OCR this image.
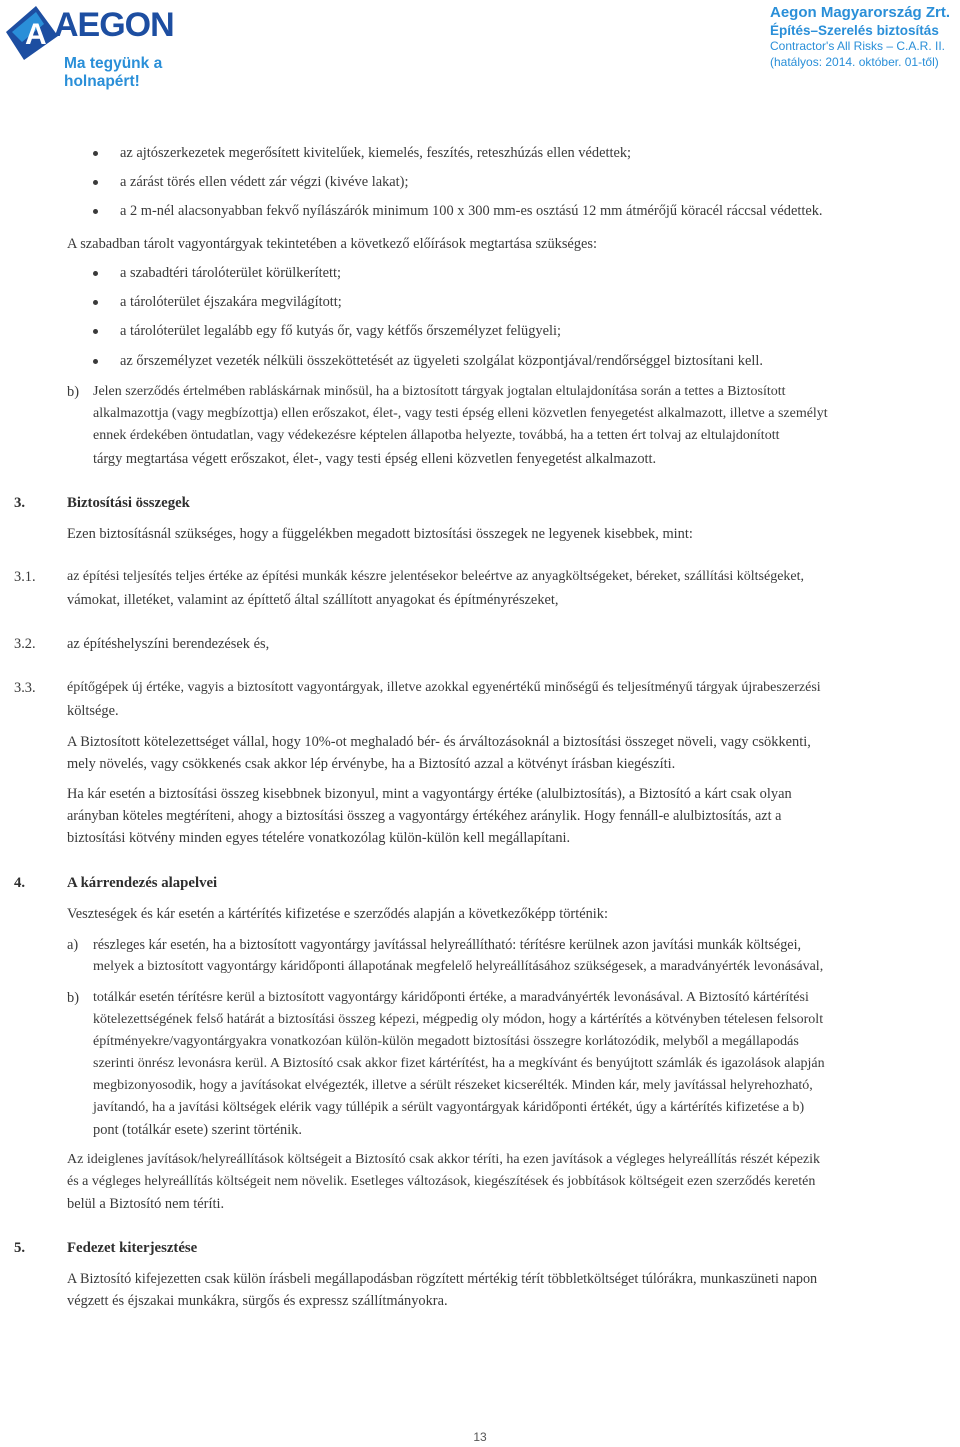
A AEGON
Ma tegyünk a holnapért!
Aegon Magyarország Zrt.
Építés–Szerelés biztosítás
Contractor's All Risks – C.A.R. II.
(hatályos: 2014. október. 01-től)
az ajtószerkezetek megerősített kivitelűek, kiemelés, feszítés, reteszhúzás ellen védettek;
a zárást törés ellen védett zár végzi (kivéve lakat);
a 2 m-nél alacsonyabban fekvő nyílászárók minimum 100 x 300 mm-es osztású 12 mm átmérőjű köracél ráccsal védettek.
A szabadban tárolt vagyontárgyak tekintetében a következő előírások megtartása szükséges:
a szabadtéri tárolóterület körülkerített;
a tárolóterület éjszakára megvilágított;
a tárolóterület legalább egy fő kutyás őr, vagy kétfős őrszemélyzet felügyeli;
az őrszemélyzet vezeték nélküli összeköttetését az ügyeleti szolgálat központjával/rendőrséggel biztosítani kell.
b) Jelen szerződés értelmében rabláskárnak minősül, ha a biztosított tárgyak jogtalan eltulajdonítása során a tettes a Biztosított
alkalmazottja (vagy megbízottja) ellen erőszakot, élet-, vagy testi épség elleni közvetlen fenyegetést alkalmazott, illetve a személyt
ennek érdekében öntudatlan, vagy védekezésre képtelen állapotba helyezte, továbbá, ha a tetten ért tolvaj az eltulajdonított
tárgy megtartása végett erőszakot, élet-, vagy testi épség elleni közvetlen fenyegetést alkalmazott.
3.	Biztosítási összegek
Ezen biztosításnál szükséges, hogy a függelékben megadott biztosítási összegek ne legyenek kisebbek, mint:
3.1. az építési teljesítés teljes értéke az építési munkák készre jelentésekor beleértve az anyagköltségeket, béreket, szállítási költségeket,
vámokat, illetéket, valamint az építtető által szállított anyagokat és építményrészeket,
3.2. az építéshelyszíni berendezések és,
3.3. építőgépek új értéke, vagyis a biztosított vagyontárgyak, illetve azokkal egyenértékű minőségű és teljesítményű tárgyak újrabeszerzési
költsége.
A Biztosított kötelezettséget vállal, hogy 10%-ot meghaladó bér- és árváltozásoknál a biztosítási összeget növeli, vagy csökkenti,
mely növelés, vagy csökkenés csak akkor lép érvénybe, ha a Biztosító azzal a kötvényt írásban kiegészíti.
Ha kár esetén a biztosítási összeg kisebbnek bizonyul, mint a vagyontárgy értéke (alulbiztosítás), a Biztosító a kárt csak olyan
arányban köteles megtéríteni, ahogy a biztosítási összeg a vagyontárgy értékéhez aránylik. Hogy fennáll-e alulbiztosítás, azt a
biztosítási kötvény minden egyes tételére vonatkozólag külön-külön kell megállapítani.
4.	A kárrendezés alapelvei
Veszteségek és kár esetén a kártérítés kifizetése e szerződés alapján a következőképp történik:
a) részleges kár esetén, ha a biztosított vagyontárgy javítással helyreállítható: térítésre kerülnek azon javítási munkák költségei,
melyek a biztosított vagyontárgy káridőponti állapotának megfelelő helyreállításához szükségesek, a maradványérték levonásával,
b) totálkár esetén térítésre kerül a biztosított vagyontárgy káridőponti értéke, a maradványérték levonásával. A Biztosító kártérítési
kötelezettségének felső határát a biztosítási összeg képezi, mégpedig oly módon, hogy a kártérítés a kötvényben tételesen felsorolt
építményekre/vagyontárgyakra vonatkozóan külön-külön megadott biztosítási összegre korlátozódik, melyből a megállapodás
szerinti önrész levonásra kerül. A Biztosító csak akkor fizet kártérítést, ha a megkívánt és benyújtott számlák és igazolások alapján
megbizonyosodik, hogy a javításokat elvégezték, illetve a sérült részeket kicserélték. Minden kár, mely javítással helyrehozható,
javítandó, ha a javítási költségek elérik vagy túllépik a sérült vagyontárgyak káridőponti értékét, úgy a kártérítés kifizetése a b)
pont (totálkár esete) szerint történik.
Az ideiglenes javítások/helyreállítások költségeit a Biztosító csak akkor téríti, ha ezen javítások a végleges helyreállítás részét képezik
és a végleges helyreállítás költségeit nem növelik. Esetleges változások, kiegészítések és jobbítások költségeit ezen szerződés keretén
belül a Biztosító nem téríti.
5.	Fedezet kiterjesztése
A Biztosító kifejezetten csak külön írásbeli megállapodásban rögzített mértékig térít többletköltséget túlórákra, munkaszüneti napon
végzett és éjszakai munkákra, sürgős és expressz szállítmányokra.
13
